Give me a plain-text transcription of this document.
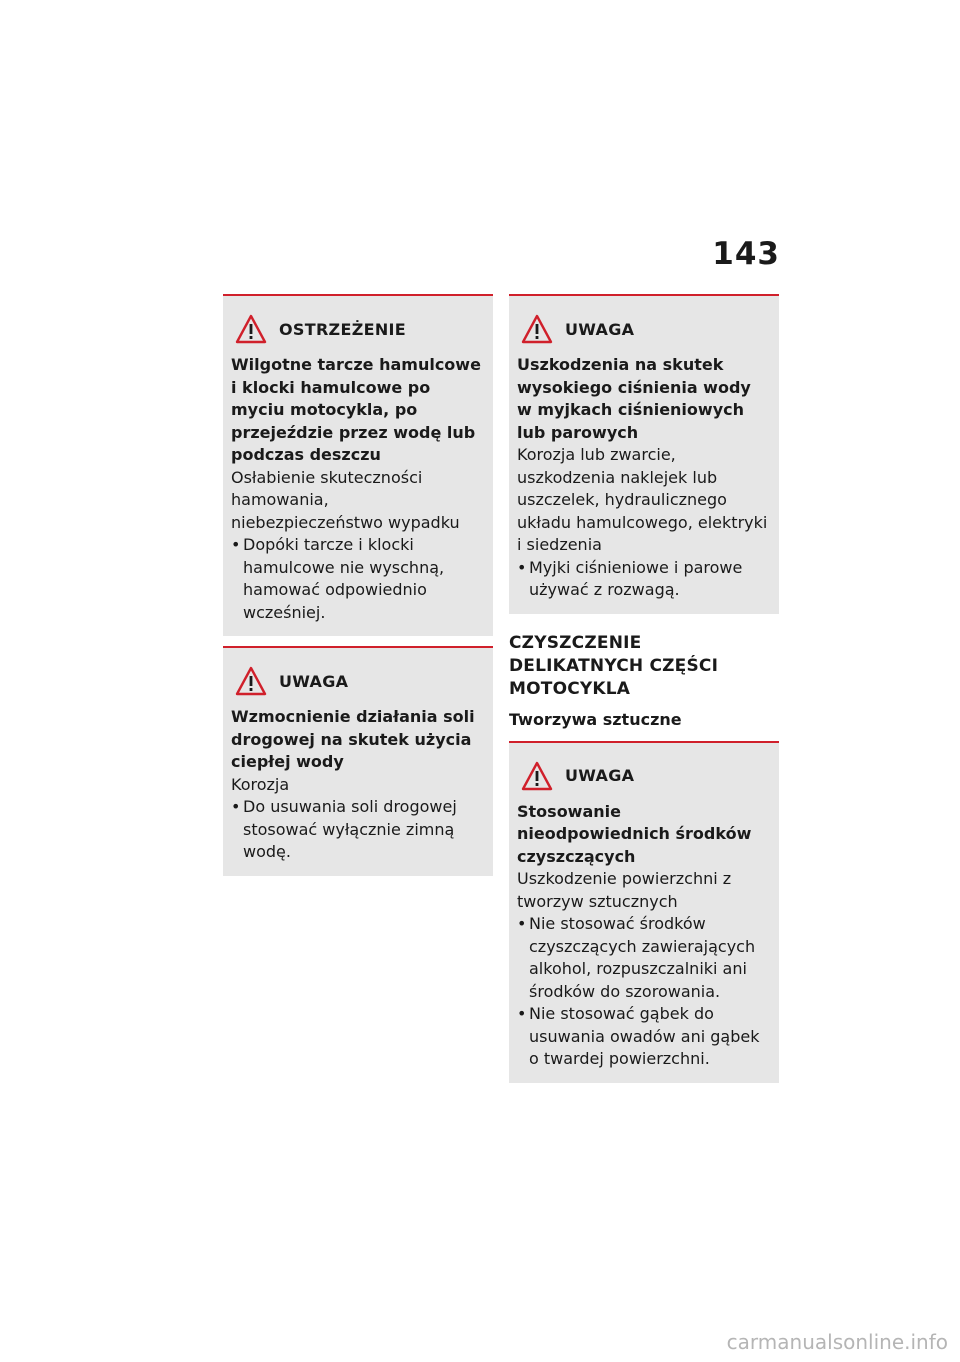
143
OSTRZEŻENIE
Wilgotne tarcze hamulcowe i klocki hamulcowe po myciu motocykla, po przejeździe przez wodę lub podczas deszczu
Osłabienie skuteczności hamowania, niebezpieczeństwo wypadku
• Dopóki tarcze i klocki hamulcowe nie wyschną, hamować odpowiednio wcześniej.
UWAGA
Wzmocnienie działania soli drogowej na skutek użycia ciepłej wody
Korozja
• Do usuwania soli drogowej stosować wyłącznie zimną wodę.
UWAGA
Uszkodzenia na skutek wysokiego ciśnienia wody w myjkach ciśnieniowych lub parowych
Korozja lub zwarcie, uszkodzenia naklejek lub uszczelek, hydraulicznego układu hamulcowego, elektryki i siedzenia
• Myjki ciśnieniowe i parowe używać z rozwagą.
CZYSZCZENIE DELIKATNYCH CZĘŚCI MOTOCYKLA
Tworzywa sztuczne
UWAGA
Stosowanie nieodpowiednich środków czyszczących
Uszkodzenie powierzchni z tworzyw sztucznych
• Nie stosować środków czyszczących zawierających alkohol, rozpuszczalniki ani środków do szorowania.
• Nie stosować gąbek do usuwania owadów ani gąbek o twardej powierzchni.
carmanualsonline.info
